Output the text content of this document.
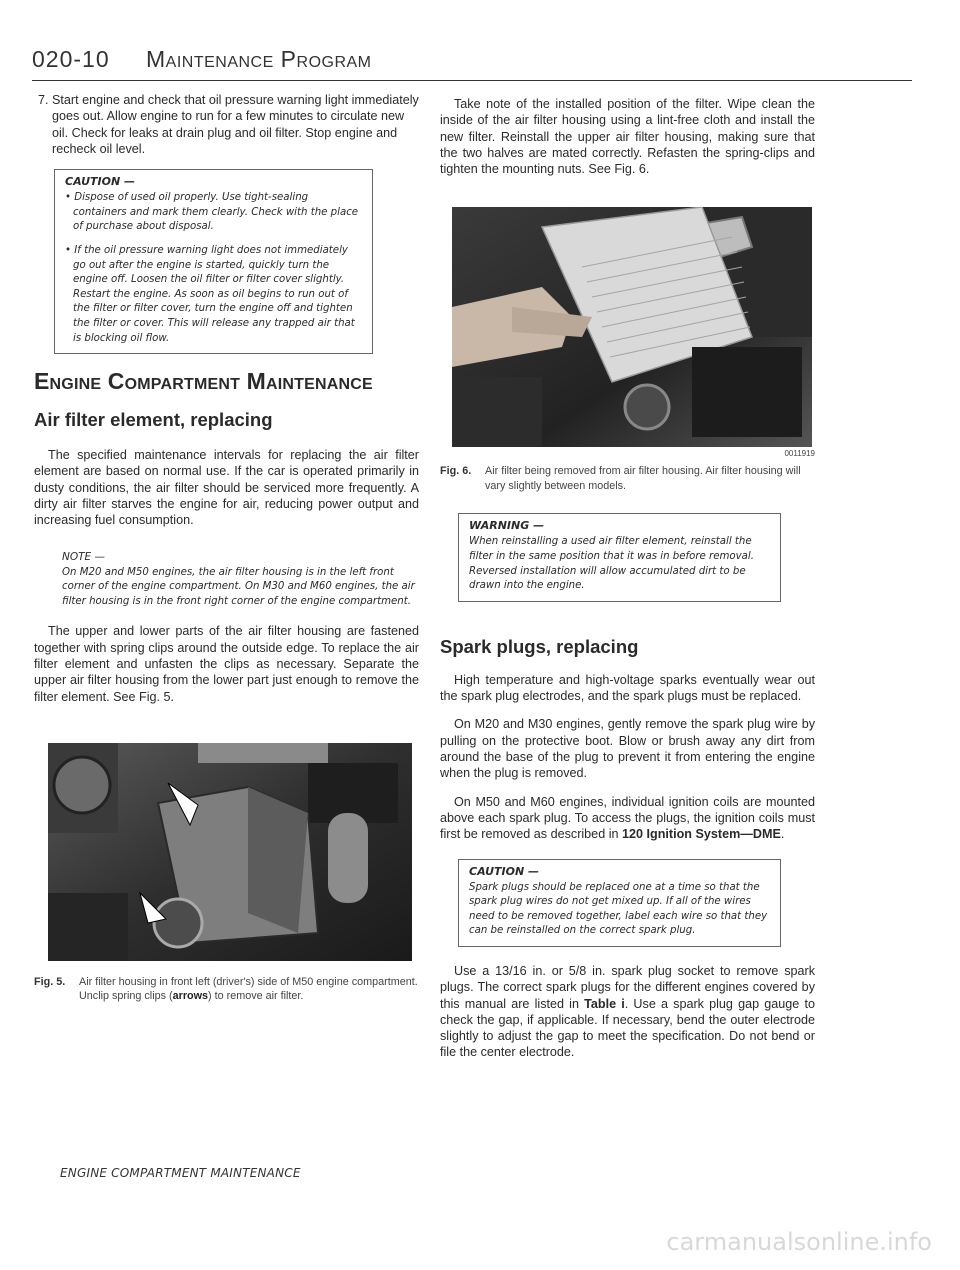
020-10 Maintenance Program
7. Start engine and check that oil pressure warning light immediately goes out. Allow engine to run for a few minutes to circulate new oil. Check for leaks at drain plug and oil filter. Stop engine and recheck oil level.
CAUTION —

• Dispose of used oil properly. Use tight-sealing containers and mark them clearly. Check with the place of purchase about disposal.

• If the oil pressure warning light does not immediately go out after the engine is started, quickly turn the engine off. Loosen the oil filter or filter cover slightly. Restart the engine. As soon as oil begins to run out of the filter or filter cover, turn the engine off and tighten the filter or cover. This will release any trapped air that is blocking oil flow.

Engine Compartment Maintenance
Air filter element, replacing

The specified maintenance intervals for replacing the air filter element are based on normal use. If the car is operated primarily in dusty conditions, the air filter should be serviced more frequently. A dirty air filter starves the engine for air, reducing power output and increasing fuel consumption.

NOTE —
On M20 and M50 engines, the air filter housing is in the left front corner of the engine compartment. On M30 and M60 engines, the air filter housing is in the front right corner of the engine compartment.

The upper and lower parts of the air filter housing are fastened together with spring clips around the outside edge. To replace the air filter element and unfasten the clips as necessary. Separate the upper air filter housing from the lower part just enough to remove the filter element. See Fig. 5.

Fig. 5.	Air filter housing in front left (driver's) side of M50 engine compartment. Unclip spring clips (arrows) to remove air filter.

Take note of the installed position of the filter. Wipe clean the inside of the air filter housing using a lint-free cloth and install the new filter. Reinstall the upper air filter housing, making sure that the two halves are mated correctly. Refasten the spring-clips and tighten the mounting nuts. See Fig. 6.

0011919
Fig. 6.	Air filter being removed from air filter housing. Air filter housing will vary slightly between models.
WARNING —
When reinstalling a used air filter element, reinstall the filter in the same position that it was in before removal. Reversed installation will allow accumulated dirt to be drawn into the engine.
Spark plugs, replacing

High temperature and high-voltage sparks eventually wear out the spark plug electrodes, and the spark plugs must be replaced.

On M20 and M30 engines, gently remove the spark plug wire by pulling on the protective boot. Blow or brush away any dirt from around the base of the plug to prevent it from entering the engine when the plug is removed.

On M50 and M60 engines, individual ignition coils are mounted above each spark plug. To access the plugs, the ignition coils must first be removed as described in 120 Ignition System—DME.

CAUTION —
Spark plugs should be replaced one at a time so that the spark plug wires do not get mixed up. If all of the wires need to be removed together, label each wire so that they can be reinstalled on the correct spark plug.

Use a 13/16 in. or 5/8 in. spark plug socket to remove spark plugs. The correct spark plugs for the different engines covered by this manual are listed in Table i. Use a spark plug gap gauge to check the gap, if applicable. If necessary, bend the outer electrode slightly to adjust the gap to meet the specification. Do not bend or file the center electrode.

ENGINE COMPARTMENT MAINTENANCE
carmanualsonline.info
